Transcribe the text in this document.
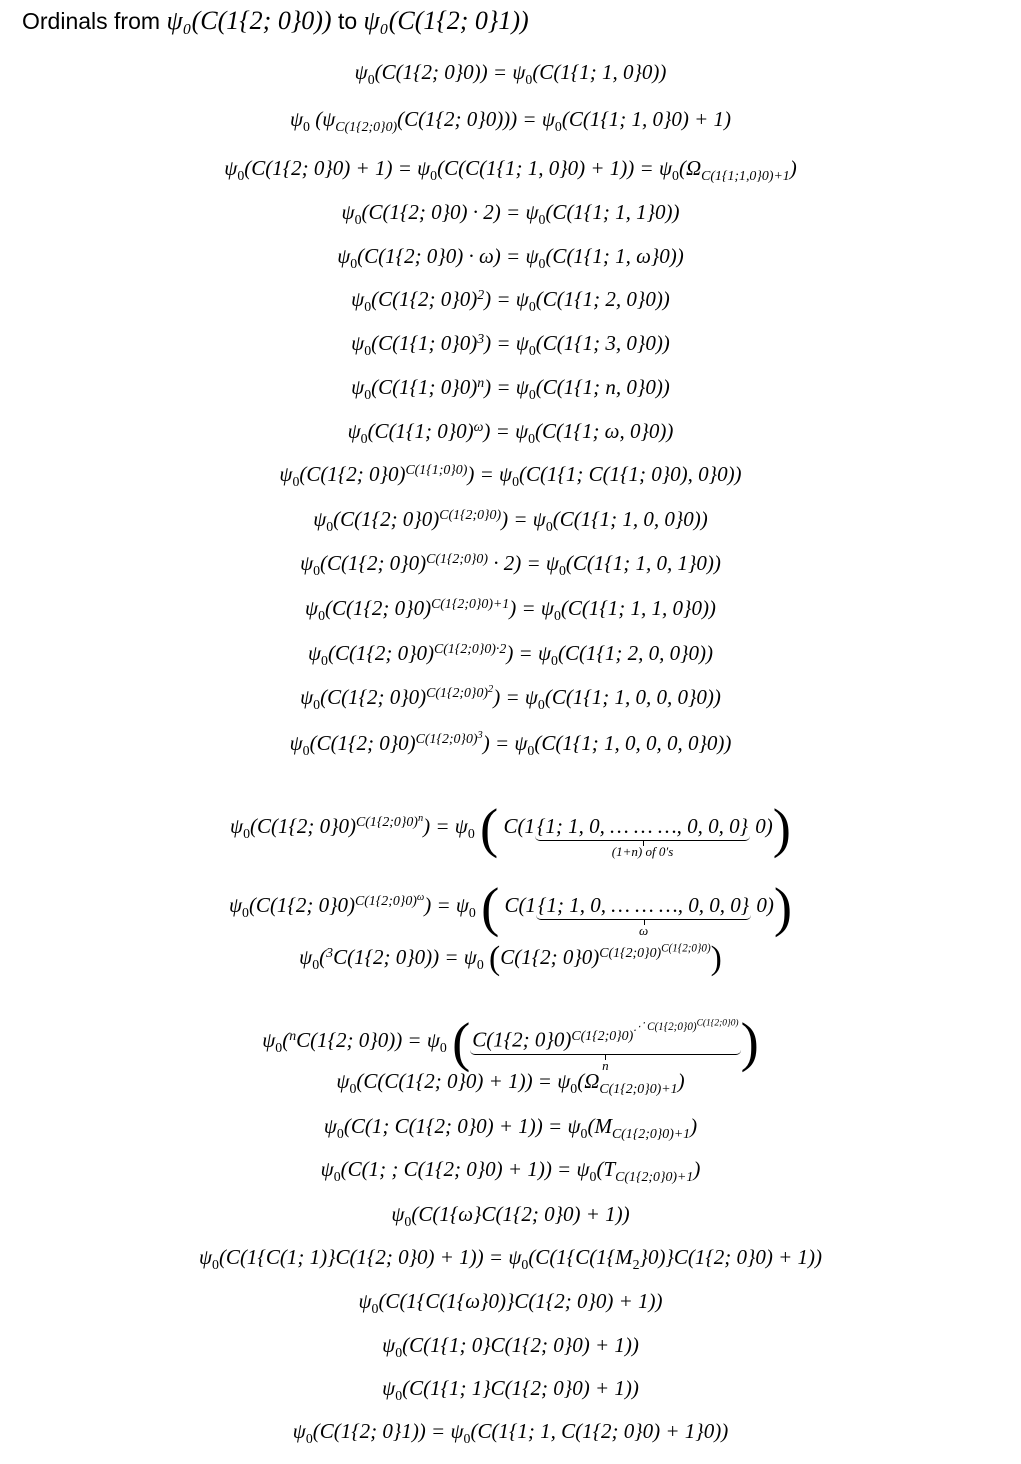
Ordinals from ψ₀(C(1{2; 0}0)) to ψ₀(C(1{2; 0}1))
$\psi_0(C(1\{2$; $0\}0)) = \psi_0(C(1\{1$; 1, 0}0))
$\psi_0$ ($\psi_{C(1\{2;0\}0)}(C(1\{2$; $0\}0))) = \psi_0(C(1\{1$; 1, 0}0) + 1)
$\psi_0(C(1\{2$; $0\}0) + 1) = \psi_0(C(C(1\{1$; 1, $0\}0) + 1)) = \psi_0(\Omega_{C(1\{1;1,0\}0)+1})$
$\psi_0(C(1\{2$; $0\}0) \cdot 2) = \psi_0(C(1\{1$; 1, 1}0))
$\psi_0(C(1\{2$; $0\}0) \cdot \omega) = \psi_0(C(1\{1$; 1, ω}0))
$\psi_0(C(1\{2$; $0\}0)^2) = \psi_0(C(1\{1$; 2, 0}0))
$\psi_0(C(1\{1$; $0\}0)^3) = \psi_0(C(1\{1$; 3, 0}0))
$\psi_0(C(1\{1$; $0\}0)^n) = \psi_0(C(1\{1$; n, 0}0))
$\psi_0(C(1\{1$; $0\}0)^\omega) = \psi_0(C(1\{1$; ω, 0}0))
$\psi_0(C(1\{2$; $0\}0)^{C(1\{1;0\}0)}) = \psi_0(C(1\{1$; C(1{1; 0}0), 0}0))
$\psi_0(C(1\{2$; $0\}0)^{C(1\{2;0\}0)}) = \psi_0(C(1\{1$; 1, 0, 0}0))
$\psi_0(C(1\{2$; $0\}0)^{C(1\{2;0\}0)} \cdot 2) = \psi_0(C(1\{1$; 1, 0, 1}0))
$\psi_0(C(1\{2$; $0\}0)^{C(1\{2;0\}0)+1}) = \psi_0(C(1\{1$; 1, 1, 0}0))
$\psi_0(C(1\{2$; $0\}0)^{C(1\{2;0\}0)\cdot 2}) = \psi_0(C(1\{1$; 2, 0, 0}0))
$\psi_0(C(1\{2$; $0\}0)^{C(1\{2;0\}0)^2}) = \psi_0(C(1\{1$; 1, 0, 0, 0}0))
$\psi_0(C(1\{2$; $0\}0)^{C(1\{2;0\}0)^3}) = \psi_0(C(1\{1$; 1, 0, 0, 0, 0}0))
$\psi_0(C(1\{2$; $0\}0)^{C(1\{2;0\}0)^n}) = \psi_0$ ( C(1{1; 1, 0, … … …, 0, 0, 0}
(1+n) of 0′s
0))
$\psi_0(C(1\{2$; $0\}0)^{C(1\{2;0\}0)^\omega}) = \psi_0$ ( C(1{1; 1, 0, … … …, 0, 0, 0}
ω
0))
$\psi_0(^3C(1\{2$; $0\}0)) = \psi_0$ (C(1{2; 0}0)$^{C(1\{2;0\}0)^{C(1\{2;0\}0)}}$)
$\psi_0(^nC(1\{2$; $0\}0)) = \psi_0$ (C(1{2; 0}0)$^{C(1\{2;0\}0)^{⋰ C(1\{2;0\}0)^{C(1\{2;0\}0)}}}$
n	)
$\psi_0(C(C(1\{2$; $0\}0) + 1)) = \psi_0(\Omega_{C(1\{2;0\}0)+1})$
$\psi_0(C(1$; C(1{2; $0\}0) + 1)) = \psi_0(M_{C(1\{2;0\}0)+1})$
$\psi_0(C(1$; ; C(1{2; $0\}0) + 1)) = \psi_0(T_{C(1\{2;0\}0)+1})$
$\psi_0(C(1\{\omega\}C(1\{2$; 0}0) + 1))
$\psi_0(C(1\{C(1$; 1)}C(1{2; $0\}0) + 1)) = \psi_0(C(1\{C(1\{M_2\}0)\}C(1\{2$; 0}0) + 1))
$\psi_0(C(1\{C(1\{\omega\}0)\}C(1\{2$; 0}0) + 1))
$\psi_0(C(1\{1$; 0}C(1{2; 0}0) + 1))
$\psi_0(C(1\{1$; 1}C(1{2; 0}0) + 1))
$\psi_0(C(1\{2$; $0\}1)) = \psi_0(C(1\{1$; 1, C(1{2; 0}0) + 1}0))
